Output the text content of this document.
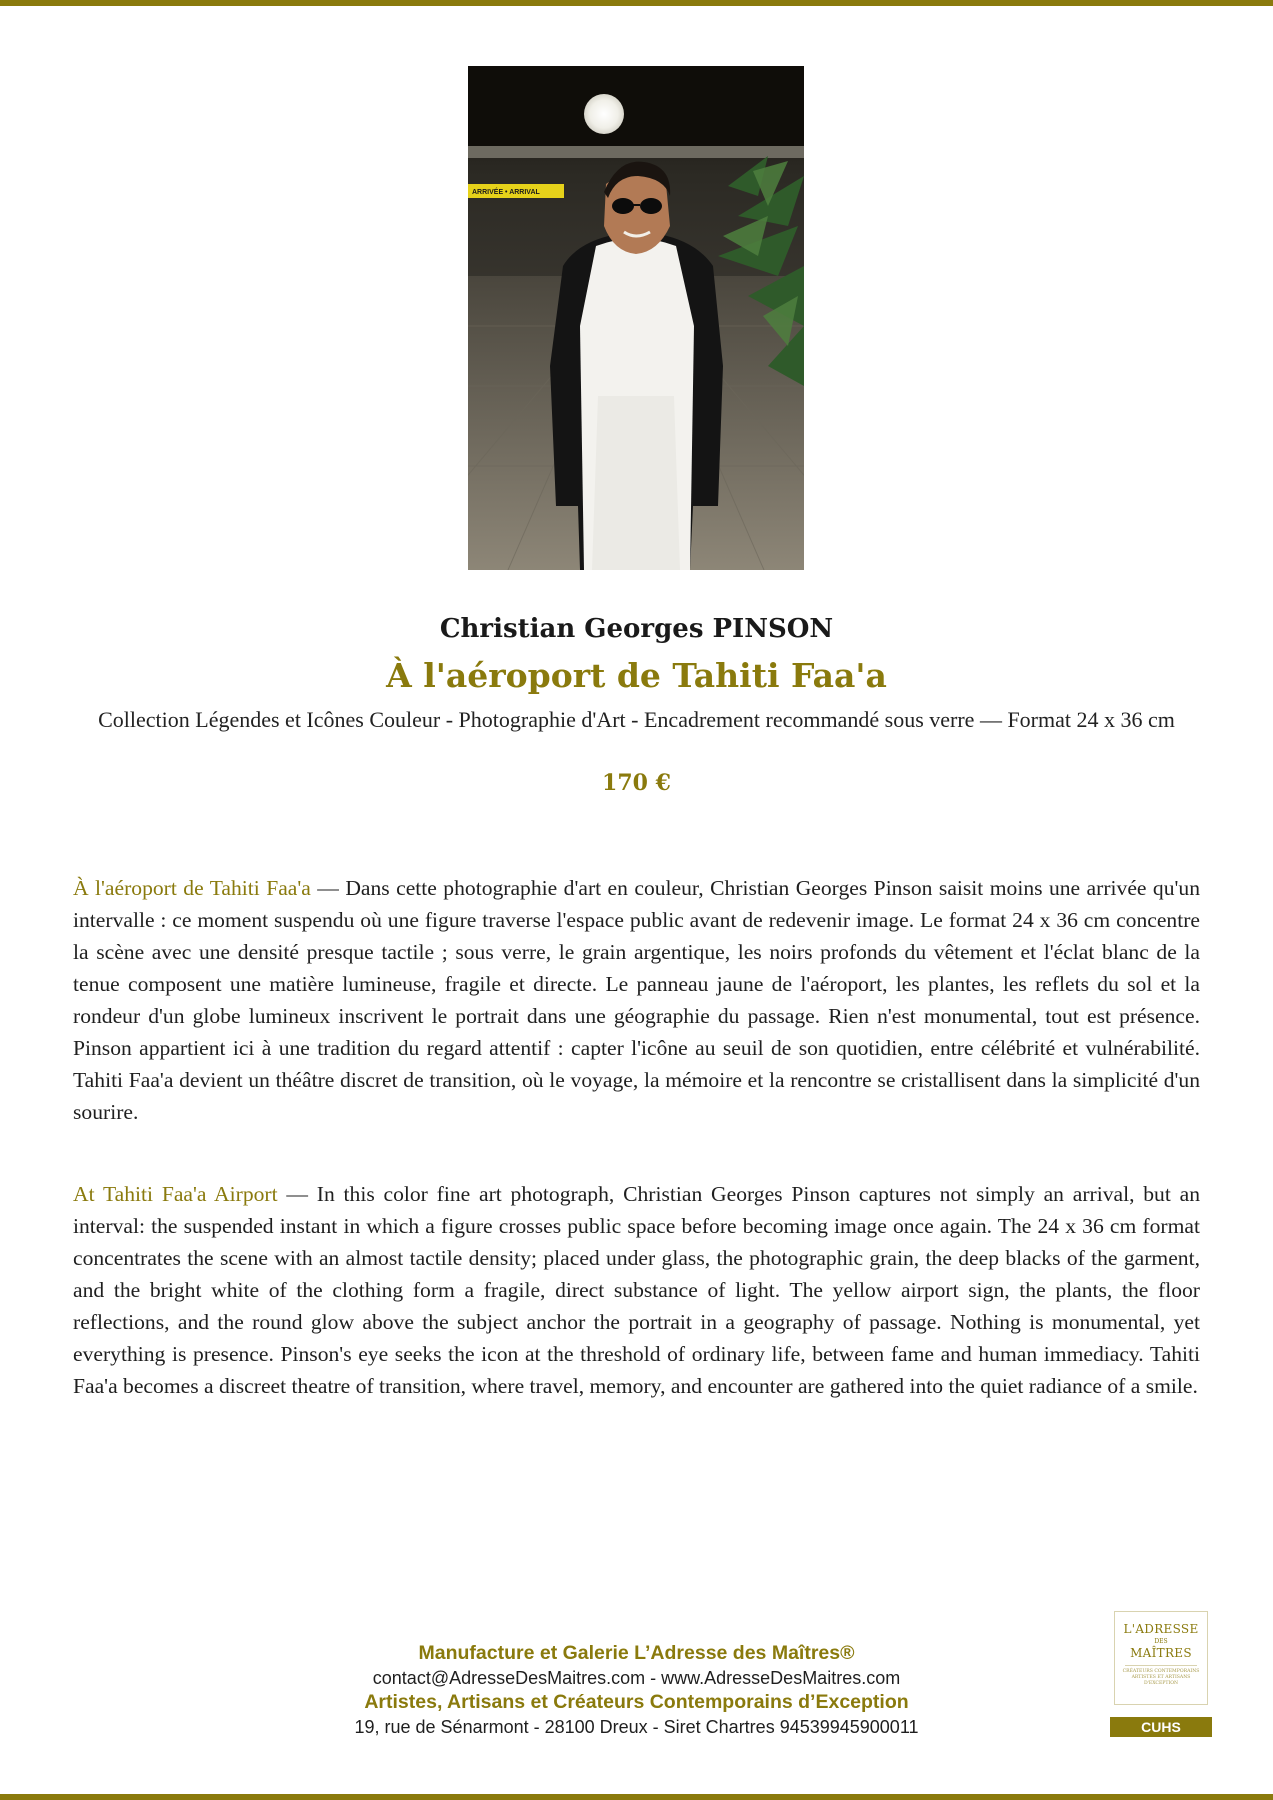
ARRIVÉE • ARRIVAL
Christian Georges PINSON
À l'aéroport de Tahiti Faa'a
Collection Légendes et Icônes Couleur - Photographie d'Art - Encadrement recommandé sous verre — Format 24 x 36 cm
170 €

À l'aéroport de Tahiti Faa'a — Dans cette photographie d'art en couleur, Christian Georges Pinson saisit moins une arrivée qu'un intervalle : ce moment suspendu où une figure traverse l'espace public avant de redevenir image. Le format 24 x 36 cm concentre la scène avec une densité presque tactile ; sous verre, le grain argentique, les noirs profonds du vêtement et l'éclat blanc de la tenue composent une matière lumineuse, fragile et directe. Le panneau jaune de l'aéroport, les plantes, les reflets du sol et la rondeur d'un globe lumineux inscrivent le portrait dans une géographie du passage. Rien n'est monumental, tout est présence. Pinson appartient ici à une tradition du regard attentif : capter l'icône au seuil de son quotidien, entre célébrité et vulnérabilité. Tahiti Faa'a devient un théâtre discret de transition, où le voyage, la mémoire et la rencontre se cristallisent dans la simplicité d'un sourire.

At Tahiti Faa'a Airport — In this color fine art photograph, Christian Georges Pinson captures not simply an arrival, but an interval: the suspended instant in which a figure crosses public space before becoming image once again. The 24 x 36 cm format concentrates the scene with an almost tactile density; placed under glass, the photographic grain, the deep blacks of the garment, and the bright white of the clothing form a fragile, direct substance of light. The yellow airport sign, the plants, the floor reflections, and the round glow above the subject anchor the portrait in a geography of passage. Nothing is monumental, yet everything is presence. Pinson's eye seeks the icon at the threshold of ordinary life, between fame and human immediacy. Tahiti Faa'a becomes a discreet theatre of transition, where travel, memory, and encounter are gathered into the quiet radiance of a smile.

Manufacture et Galerie L’Adresse des Maîtres®
contact@AdresseDesMaitres.com - www.AdresseDesMaitres.com
Artistes, Artisans et Créateurs Contemporains d’Exception
19, rue de Sénarmont - 28100 Dreux - Siret Chartres 94539945900011
L'ADRESSE
DES
MAÎTRES
CRÉATEURS CONTEMPORAINS ARTISTES ET ARTISANS D'EXCEPTION
CUHS
